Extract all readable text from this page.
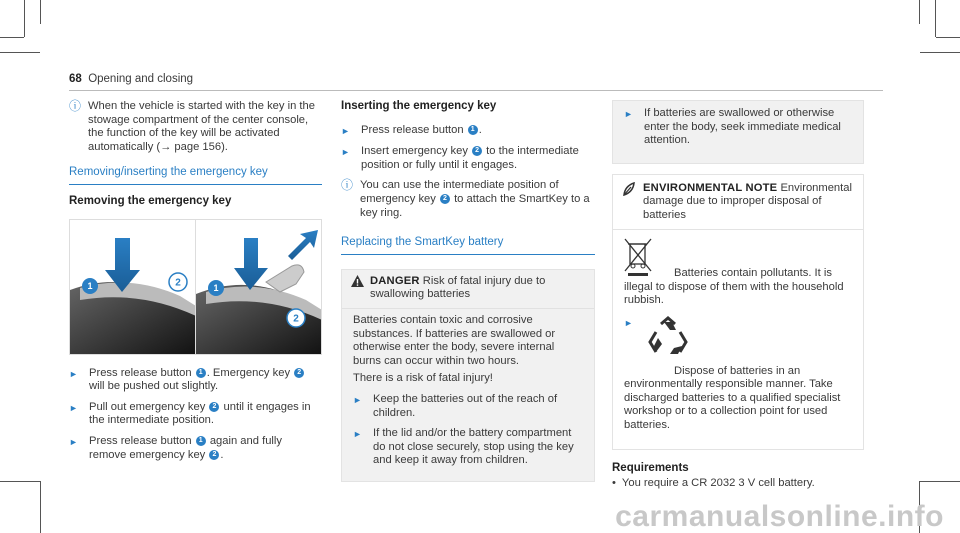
68 Opening and closing
ⓘ When the vehicle is started with the key in the stowage compartment of the center console, the function of the key will be activated automatically (→ page 156).
Removing/inserting the emergency key
Removing the emergency key
1	2	1
2
► Press release button 1 . Emergency key 2 will be pushed out slightly.
► Pull out emergency key 2 until it engages in the intermediate position.
► Press release button 1 again and fully remove emergency key 2 .
Inserting the emergency key
► Press release button 1 .
► Insert emergency key 2 to the intermediate position or fully until it engages.
ⓘ You can use the intermediate position of emergency key 2 to attach the SmartKey to a key ring.
Replacing the SmartKey battery
DANGER Risk of fatal injury due to swallowing batteries

Batteries contain toxic and corrosive substances. If batteries are swallowed or otherwise enter the body, severe internal burns can occur within two hours.

There is a risk of fatal injury!

► Keep the batteries out of the reach of children.
► If the lid and/or the battery compartment do not close securely, stop using the key and keep it away from children.
► If batteries are swallowed or otherwise enter the body, seek immediate medical attention.
ENVIRONMENTAL NOTE Environmental damage due to improper disposal of batteries

Batteries contain pollutants. It is illegal to dispose of them with the household rubbish.

►

Dispose of batteries in an environmentally responsible manner. Take discharged batteries to a qualified specialist workshop or to a collection point for used batteries.

Requirements
• You require a CR 2032 3 V cell battery.
carmanualsonline.info
